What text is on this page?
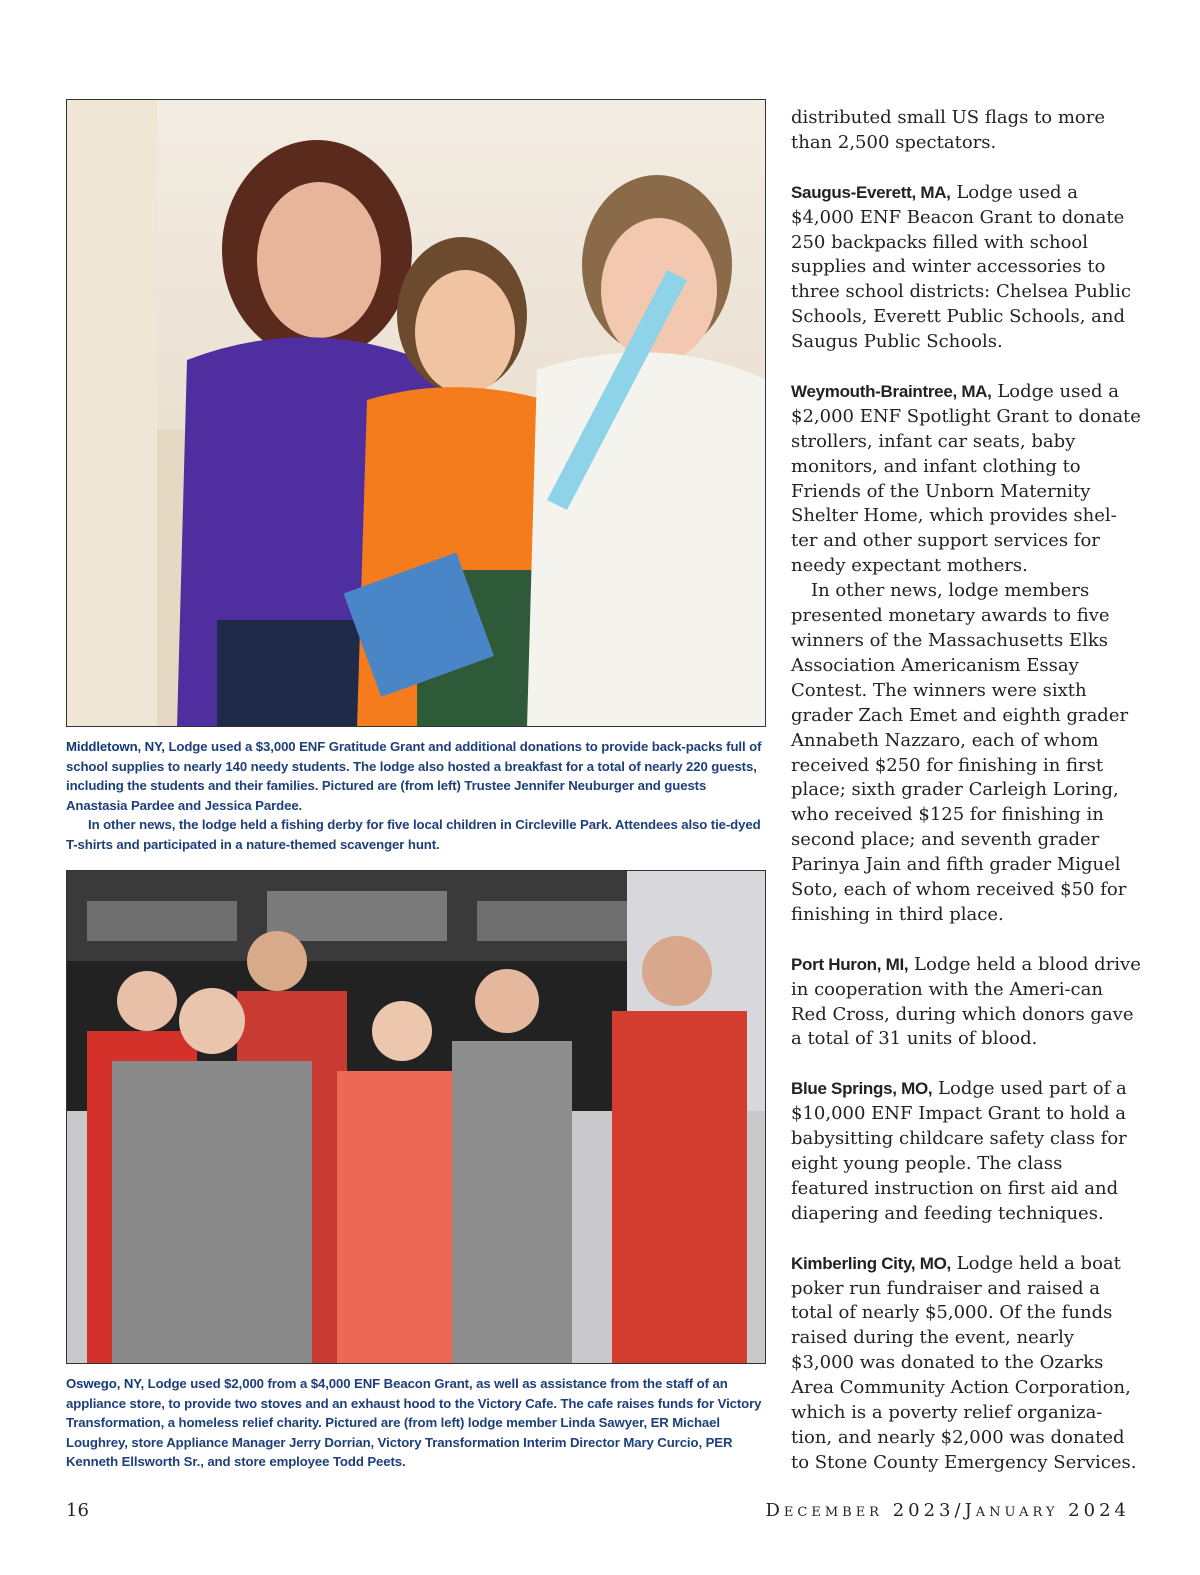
Middletown, NY, Lodge used a $3,000 ENF Gratitude Grant and additional donations to provide back-packs full of school supplies to nearly 140 needy students. The lodge also hosted a breakfast for a total of nearly 220 guests, including the students and their families. Pictured are (from left) Trustee Jennifer Neuburger and guests Anastasia Pardee and Jessica Pardee.

In other news, the lodge held a fishing derby for five local children in Circleville Park. Attendees also tie-dyed T-shirts and participated in a nature-themed scavenger hunt.

Oswego, NY, Lodge used $2,000 from a $4,000 ENF Beacon Grant, as well as assistance from the staff of an appliance store, to provide two stoves and an exhaust hood to the Victory Cafe. The cafe raises funds for Victory Transformation, a homeless relief charity. Pictured are (from left) lodge member Linda Sawyer, ER Michael Loughrey, store Appliance Manager Jerry Dorrian, Victory Transformation Interim Director Mary Curcio, PER Kenneth Ellsworth Sr., and store employee Todd Peets.

distributed small US flags to more than 2,500 spectators.

Saugus-Everett, MA, Lodge used a $4,000 ENF Beacon Grant to donate 250 backpacks filled with school supplies and winter accessories to three school districts: Chelsea Public Schools, Everett Public Schools, and Saugus Public Schools.

Weymouth-Braintree, MA, Lodge used a $2,000 ENF Spotlight Grant to donate strollers, infant car seats, baby monitors, and infant clothing to Friends of the Unborn Maternity Shelter Home, which provides shel-ter and other support services for needy expectant mothers.

In other news, lodge members presented monetary awards to five winners of the Massachusetts Elks Association Americanism Essay Contest. The winners were sixth grader Zach Emet and eighth grader Annabeth Nazzaro, each of whom received $250 for finishing in first place; sixth grader Carleigh Loring, who received $125 for finishing in second place; and seventh grader Parinya Jain and fifth grader Miguel Soto, each of whom received $50 for finishing in third place.

Port Huron, MI, Lodge held a blood drive in cooperation with the Ameri-can Red Cross, during which donors gave a total of 31 units of blood.

Blue Springs, MO, Lodge used part of a $10,000 ENF Impact Grant to hold a babysitting childcare safety class for eight young people. The class featured instruction on first aid and diapering and feeding techniques.

Kimberling City, MO, Lodge held a boat poker run fundraiser and raised a total of nearly $5,000. Of the funds raised during the event, nearly $3,000 was donated to the Ozarks Area Community Action Corporation, which is a poverty relief organiza-tion, and nearly $2,000 was donated to Stone County Emergency Services.

16	December 2023/January 2024
